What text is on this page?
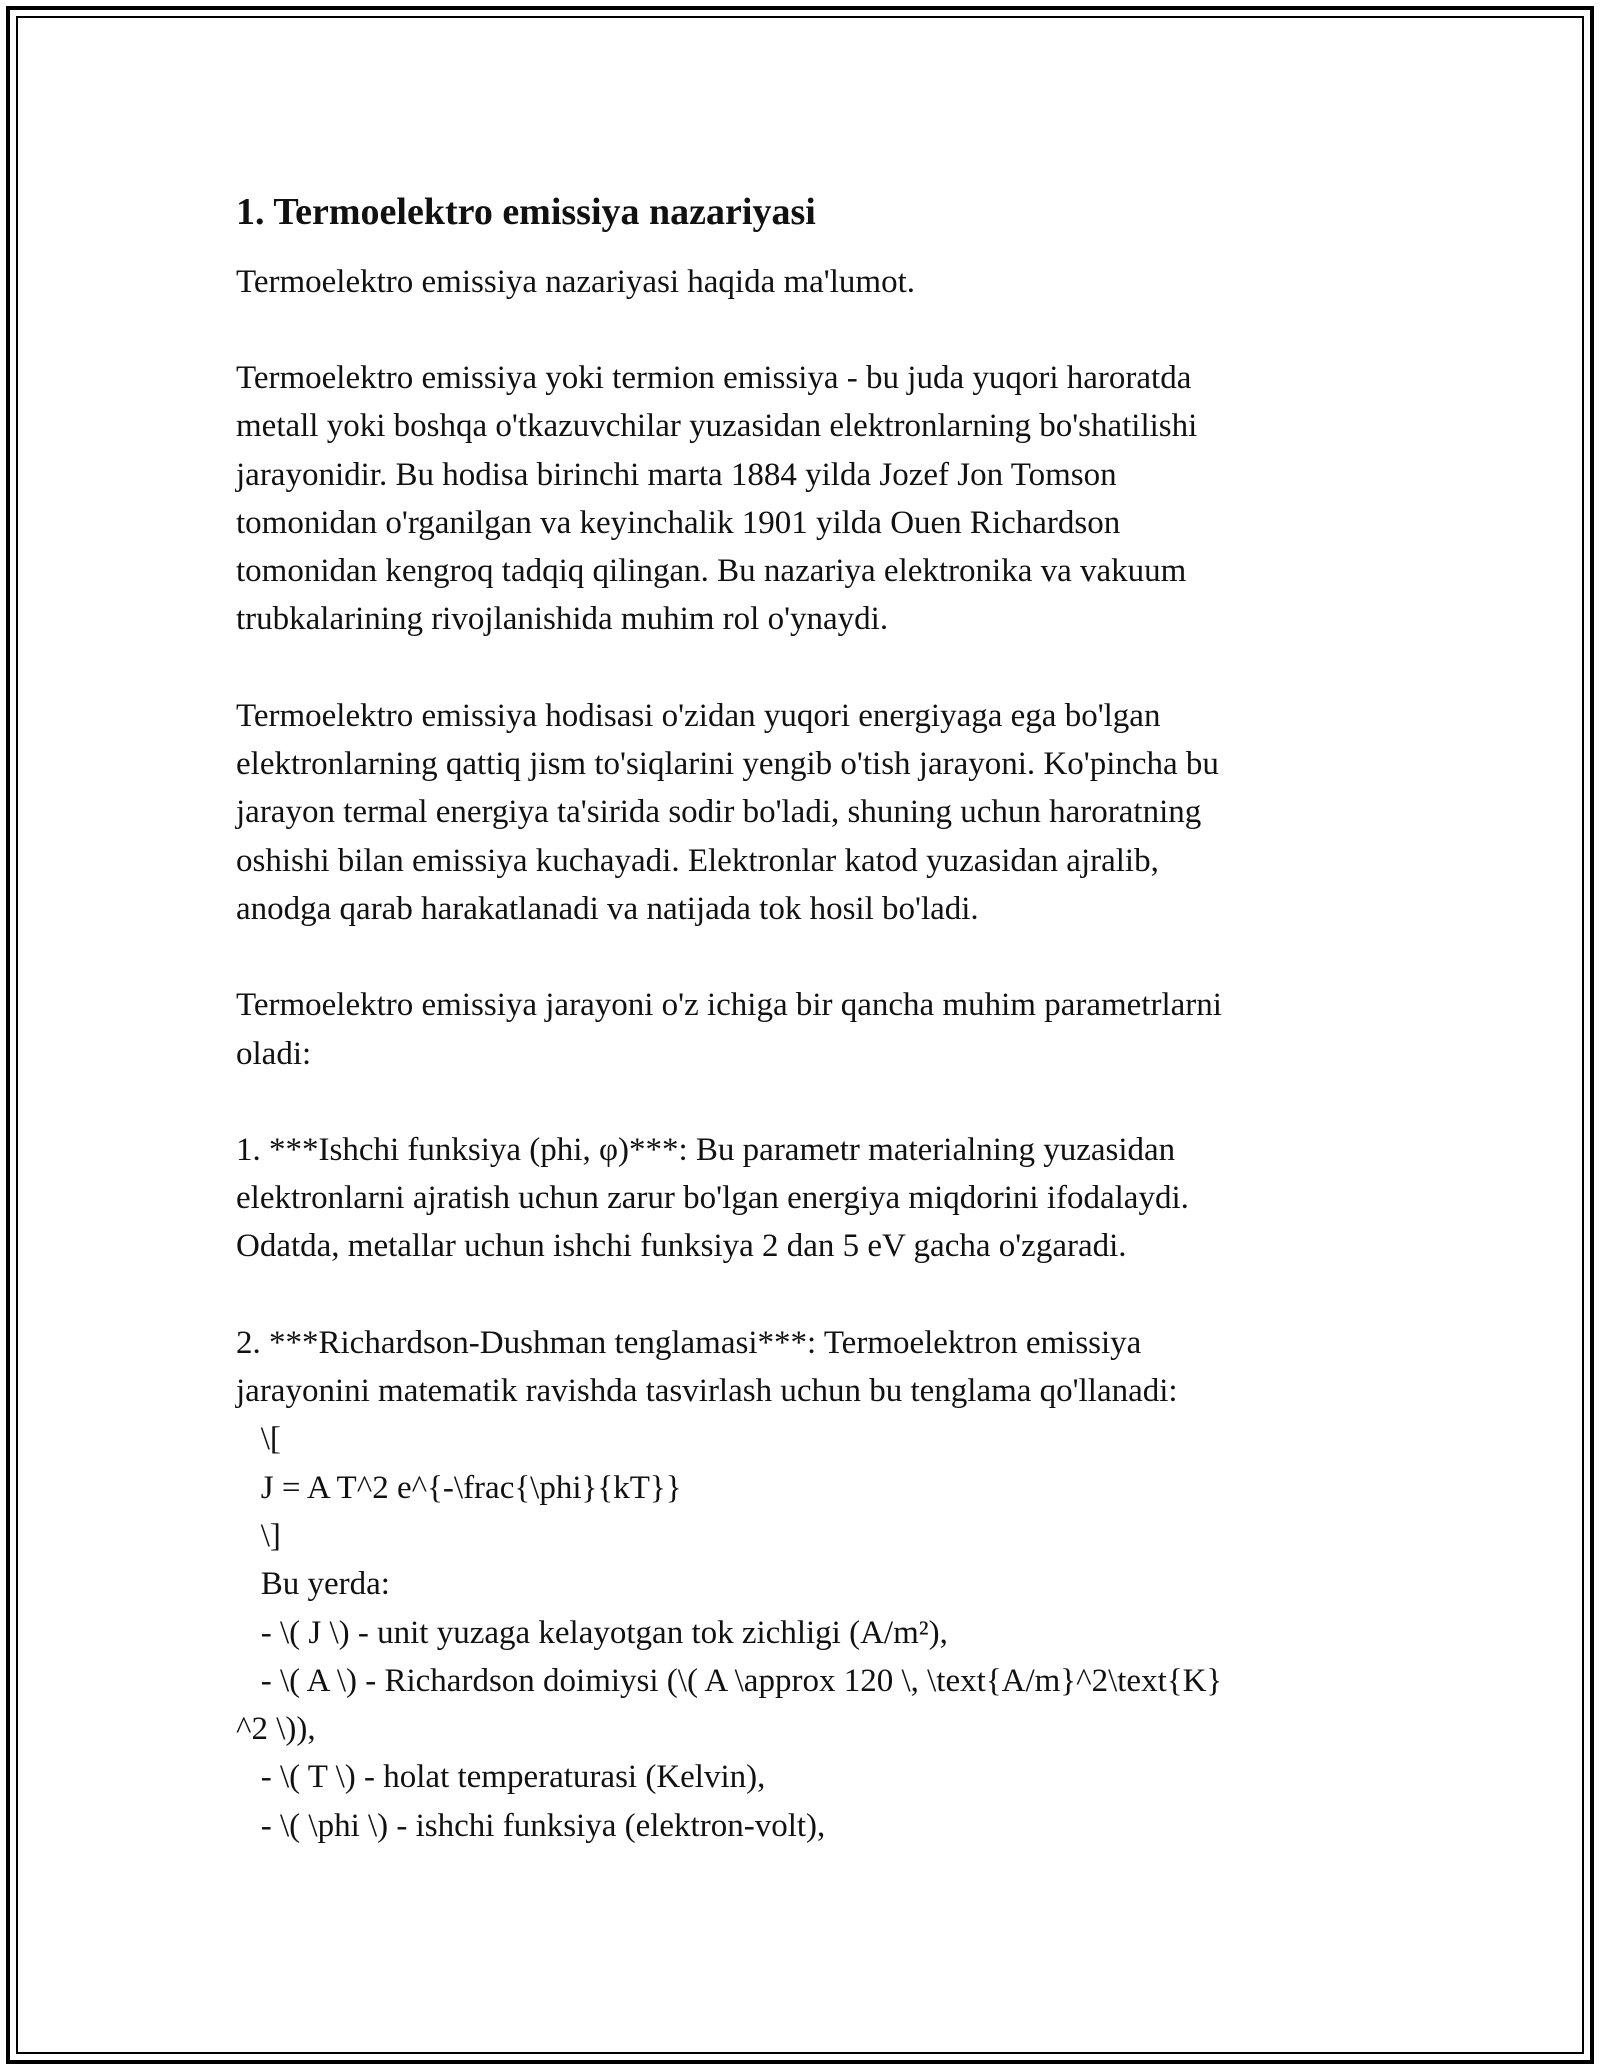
1. Termoelektro emissiya nazariyasi

Termoelektro emissiya nazariyasi haqida ma'lumot.

Termoelektro emissiya yoki termion emissiya - bu juda yuqori haroratda
metall yoki boshqa o'tkazuvchilar yuzasidan elektronlarning bo'shatilishi
jarayonidir. Bu hodisa birinchi marta 1884 yilda Jozef Jon Tomson
tomonidan o'rganilgan va keyinchalik 1901 yilda Ouen Richardson
tomonidan kengroq tadqiq qilingan. Bu nazariya elektronika va vakuum
trubkalarining rivojlanishida muhim rol o'ynaydi.

Termoelektro emissiya hodisasi o'zidan yuqori energiyaga ega bo'lgan
elektronlarning qattiq jism to'siqlarini yengib o'tish jarayoni. Ko'pincha bu
jarayon termal energiya ta'sirida sodir bo'ladi, shuning uchun haroratning
oshishi bilan emissiya kuchayadi. Elektronlar katod yuzasidan ajralib,
anodga qarab harakatlanadi va natijada tok hosil bo'ladi.

Termoelektro emissiya jarayoni o'z ichiga bir qancha muhim parametrlarni
oladi:

1. ***Ishchi funksiya (phi, φ)***: Bu parametr materialning yuzasidan
elektronlarni ajratish uchun zarur bo'lgan energiya miqdorini ifodalaydi.
Odatda, metallar uchun ishchi funksiya 2 dan 5 eV gacha o'zgaradi.

2. ***Richardson-Dushman tenglamasi***: Termoelektron emissiya
jarayonini matematik ravishda tasvirlash uchun bu tenglama qo'llanadi:
\[
J = A T^2 e^{-\frac{\phi}{kT}}
\]
Bu yerda:
- \( J \) - unit yuzaga kelayotgan tok zichligi (A/m²),
- \( A \) - Richardson doimiysi (\( A \approx 120 \, \text{A/m}^2\text{K}
^2 \)),
- \( T \) - holat temperaturasi (Kelvin),
- \( \phi \) - ishchi funksiya (elektron-volt),
